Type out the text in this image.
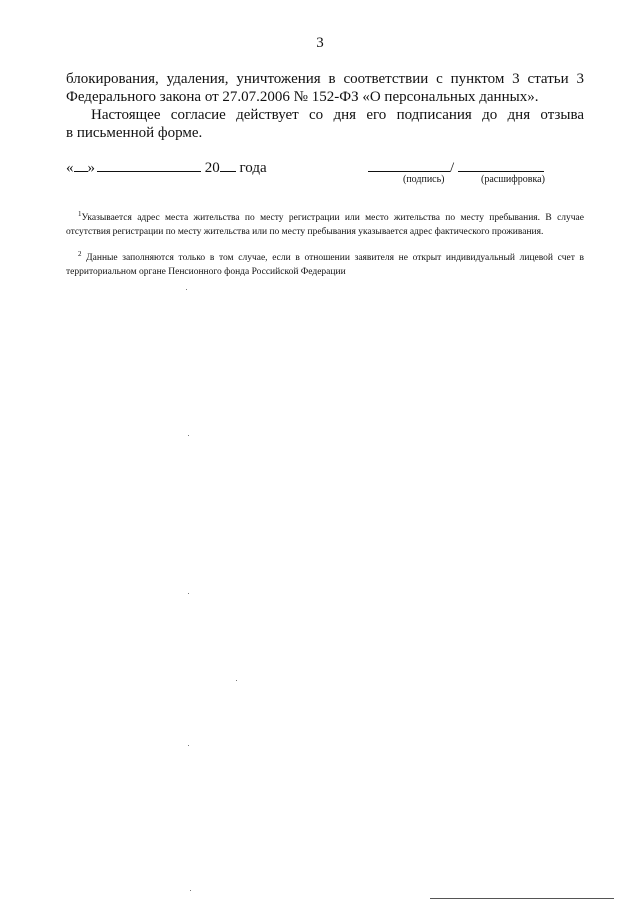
3
блокирования, удаления, уничтожения в соответствии с пунктом 3 статьи 3
Федерального закона от 27.07.2006 № 152-ФЗ «О персональных данных».
Настоящее согласие действует со дня его подписания до дня отзыва
в письменной форме.
« »	20 года	/
(подпись)	(расшифровка)
$^1$Указывается адрес места жительства по месту регистрации или место жительства по месту пребывания. В случае отсутствия регистрации по месту жительства или по месту пребывания указывается адрес фактического проживания.
$^2$ Данные заполняются только в том случае, если в отношении заявителя не открыт индивидуальный лицевой счет в территориальном органе Пенсионного фонда Российской Федерации
